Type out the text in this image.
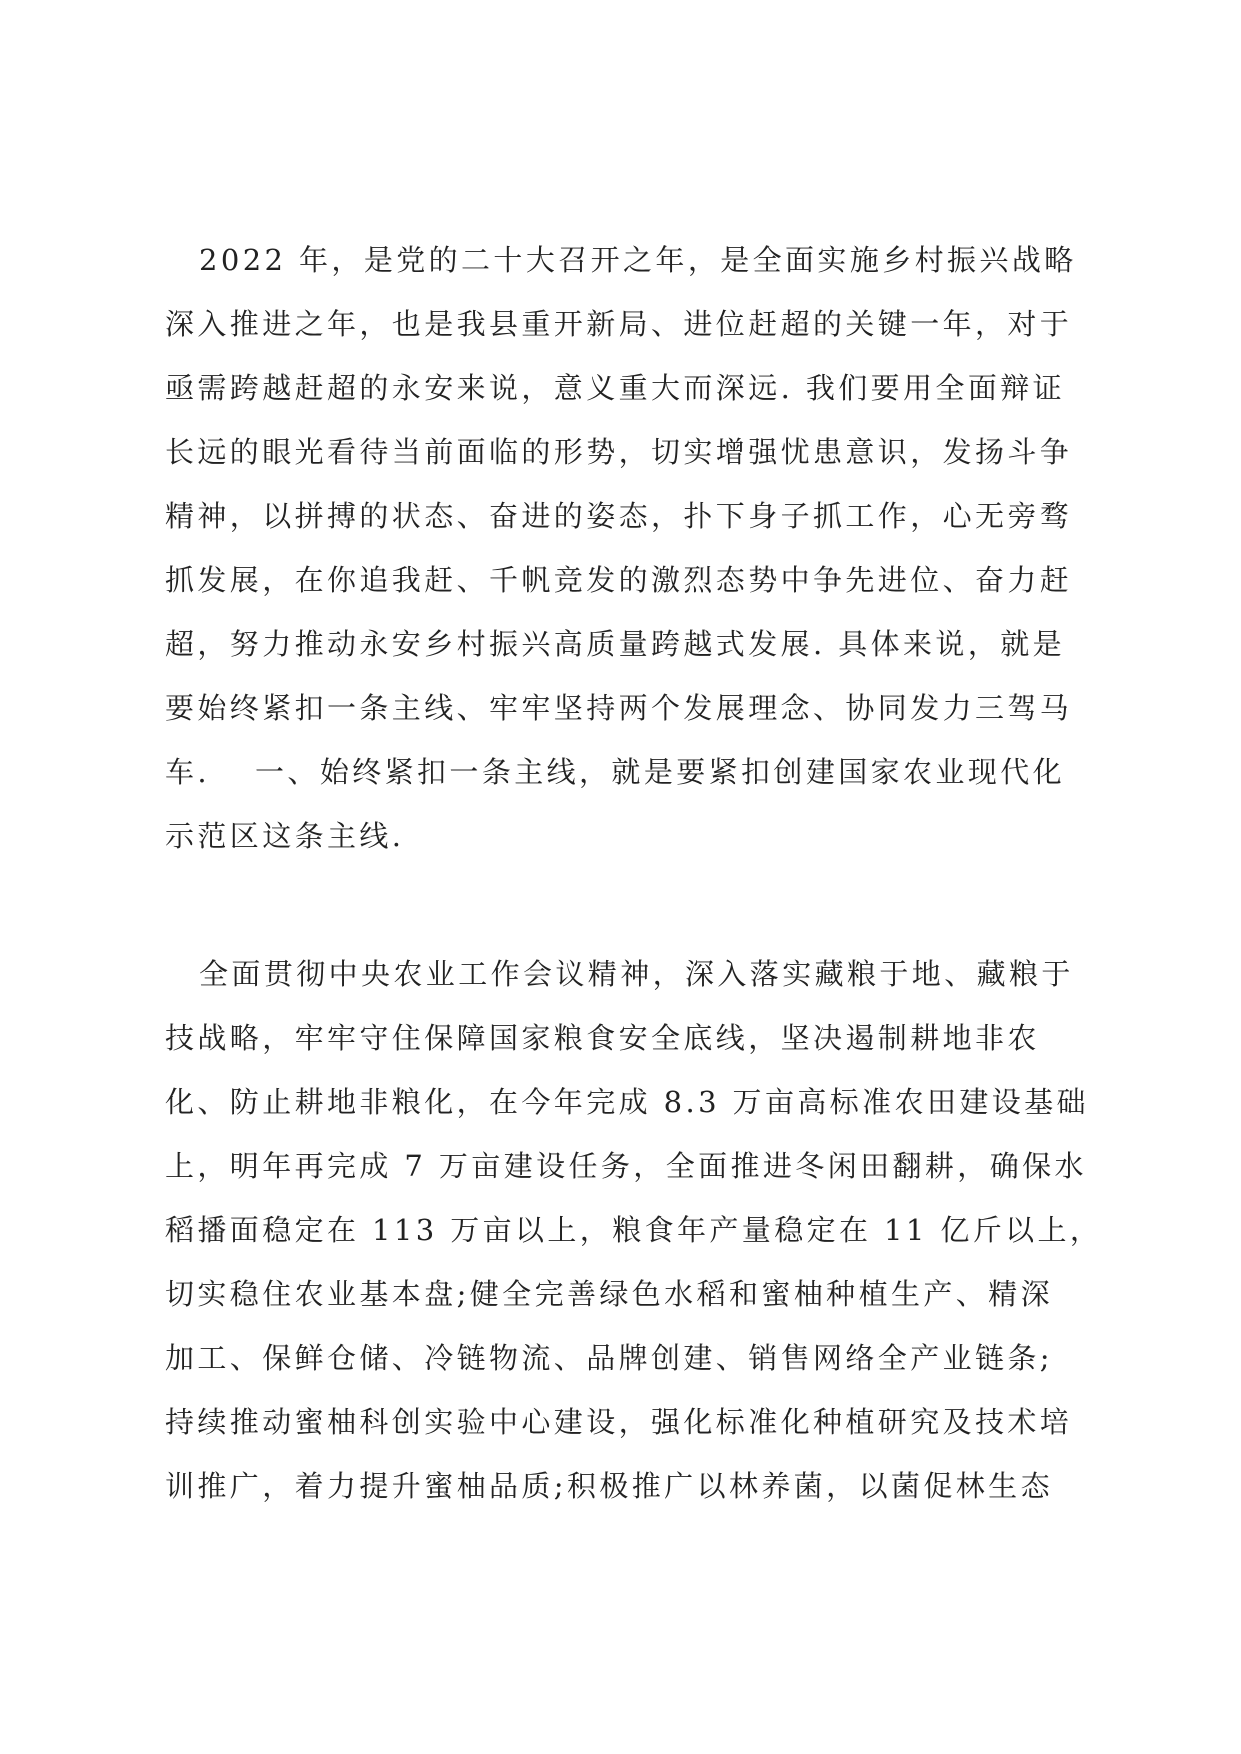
2022 年，是党的二十大召开之年，是全面实施乡村振兴战略
深入推进之年，也是我县重开新局、进位赶超的关键一年，对于
亟需跨越赶超的永安来说，意义重大而深远. 我们要用全面辩证
长远的眼光看待当前面临的形势，切实增强忧患意识，发扬斗争
精神，以拼搏的状态、奋进的姿态，扑下身子抓工作，心无旁骛
抓发展，在你追我赶、千帆竞发的激烈态势中争先进位、奋力赶
超，努力推动永安乡村振兴高质量跨越式发展. 具体来说，就是
要始终紧扣一条主线、牢牢坚持两个发展理念、协同发力三驾马
车.　 一、始终紧扣一条主线，就是要紧扣创建国家农业现代化
示范区这条主线.
全面贯彻中央农业工作会议精神，深入落实藏粮于地、藏粮于
技战略，牢牢守住保障国家粮食安全底线，坚决遏制耕地非农
化、防止耕地非粮化，在今年完成 8.3 万亩高标准农田建设基础
上，明年再完成 7 万亩建设任务，全面推进冬闲田翻耕，确保水
稻播面稳定在 113 万亩以上，粮食年产量稳定在 11 亿斤以上，
切实稳住农业基本盘;健全完善绿色水稻和蜜柚种植生产、精深
加工、保鲜仓储、冷链物流、品牌创建、销售网络全产业链条;
持续推动蜜柚科创实验中心建设，强化标准化种植研究及技术培
训推广，着力提升蜜柚品质;积极推广以林养菌，以菌促林生态
